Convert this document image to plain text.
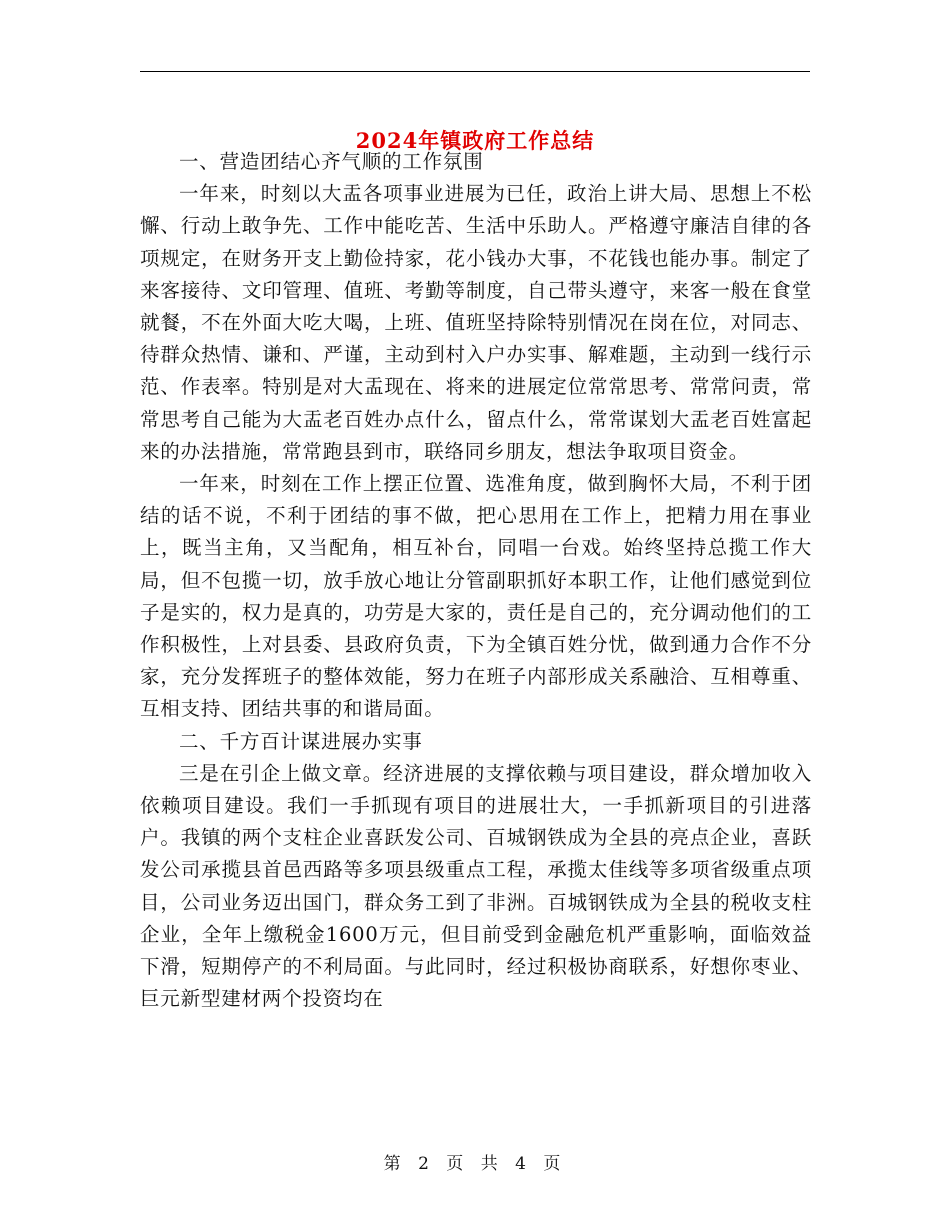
2024年镇政府工作总结

一、营造团结心齐气顺的工作氛围

一年来，时刻以大盂各项事业进展为已任，政治上讲大局、思想上不松懈、行动上敢争先、工作中能吃苦、生活中乐助人。严格遵守廉洁自律的各项规定，在财务开支上勤俭持家，花小钱办大事，不花钱也能办事。制定了来客接待、文印管理、值班、考勤等制度，自己带头遵守，来客一般在食堂就餐，不在外面大吃大喝，上班、值班坚持除特别情况在岗在位，对同志、待群众热情、谦和、严谨，主动到村入户办实事、解难题，主动到一线行示范、作表率。特别是对大盂现在、将来的进展定位常常思考、常常问责，常常思考自己能为大盂老百姓办点什么，留点什么，常常谋划大盂老百姓富起来的办法措施，常常跑县到市，联络同乡朋友，想法争取项目资金。

一年来，时刻在工作上摆正位置、选准角度，做到胸怀大局，不利于团结的话不说，不利于团结的事不做，把心思用在工作上，把精力用在事业上，既当主角，又当配角，相互补台，同唱一台戏。始终坚持总揽工作大局，但不包揽一切，放手放心地让分管副职抓好本职工作，让他们感觉到位子是实的，权力是真的，功劳是大家的，责任是自己的，充分调动他们的工作积极性，上对县委、县政府负责，下为全镇百姓分忧，做到通力合作不分家，充分发挥班子的整体效能，努力在班子内部形成关系融洽、互相尊重、互相支持、团结共事的和谐局面。

二、千方百计谋进展办实事

三是在引企上做文章。经济进展的支撑依赖与项目建设，群众增加收入依赖项目建设。我们一手抓现有项目的进展壮大，一手抓新项目的引进落户。我镇的两个支柱企业喜跃发公司、百城钢铁成为全县的亮点企业，喜跃发公司承揽县首邑西路等多项县级重点工程，承揽太佳线等多项省级重点项目，公司业务迈出国门，群众务工到了非洲。百城钢铁成为全县的税收支柱企业，全年上缴税金1600万元，但目前受到金融危机严重影响，面临效益下滑，短期停产的不利局面。与此同时，经过积极协商联系，好想你枣业、巨元新型建材两个投资均在

第 2 页 共 4 页
